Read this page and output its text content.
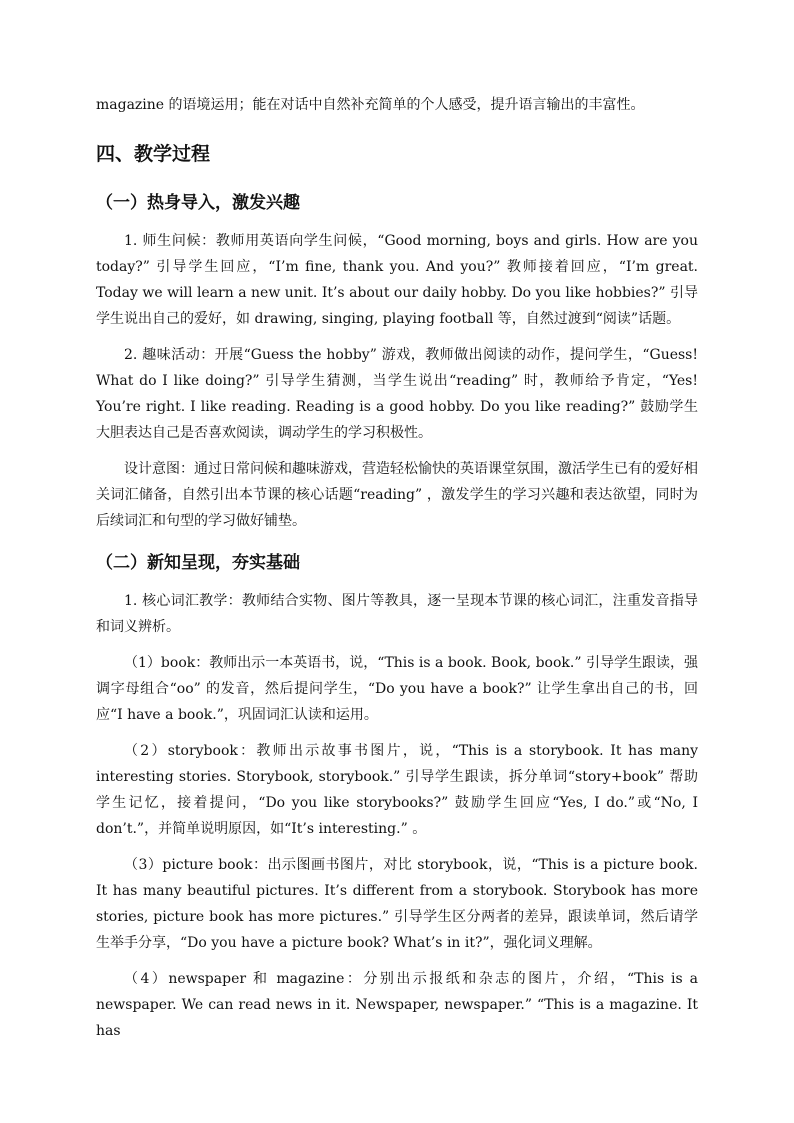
magazine 的语境运用；能在对话中自然补充简单的个人感受，提升语言输出的丰富性。

四、教学过程
（一）热身导入，激发兴趣

1. 师生问候：教师用英语向学生问候，“Good morning, boys and girls. How are you today?” 引导学生回应，“I’m fine, thank you. And you?” 教师接着回应，“I’m great. Today we will learn a new unit. It’s about our daily hobby. Do you like hobbies?” 引导学生说出自己的爱好，如 drawing, singing, playing football 等，自然过渡到“阅读”话题。

2. 趣味活动：开展“Guess the hobby” 游戏，教师做出阅读的动作，提问学生，“Guess! What do I like doing?” 引导学生猜测，当学生说出“reading” 时，教师给予肯定，“Yes! You’re right. I like reading. Reading is a good hobby. Do you like reading?” 鼓励学生大胆表达自己是否喜欢阅读，调动学生的学习积极性。

设计意图：通过日常问候和趣味游戏，营造轻松愉快的英语课堂氛围，激活学生已有的爱好相关词汇储备，自然引出本节课的核心话题“reading” ，激发学生的学习兴趣和表达欲望，同时为后续词汇和句型的学习做好铺垫。

（二）新知呈现，夯实基础

1. 核心词汇教学：教师结合实物、图片等教具，逐一呈现本节课的核心词汇，注重发音指导和词义辨析。

（1）book：教师出示一本英语书，说，“This is a book. Book, book.” 引导学生跟读，强调字母组合“oo” 的发音，然后提问学生，“Do you have a book?” 让学生拿出自己的书，回应“I have a book.”，巩固词汇认读和运用。

（2）storybook：教师出示故事书图片，说，“This is a storybook. It has many interesting stories. Storybook, storybook.” 引导学生跟读，拆分单词“story+book” 帮助学生记忆，接着提问，“Do you like storybooks?” 鼓励学生回应“Yes, I do.”或“No, I don’t.”，并简单说明原因，如“It’s interesting.” 。

（3）picture book：出示图画书图片，对比 storybook，说，“This is a picture book. It has many beautiful pictures. It’s different from a storybook. Storybook has more stories, picture book has more pictures.” 引导学生区分两者的差异，跟读单词，然后请学生举手分享，“Do you have a picture book? What’s in it?”，强化词义理解。

（4）newspaper 和 magazine：分别出示报纸和杂志的图片，介绍，“This is a newspaper. We can read news in it. Newspaper, newspaper.” “This is a magazine. It has
